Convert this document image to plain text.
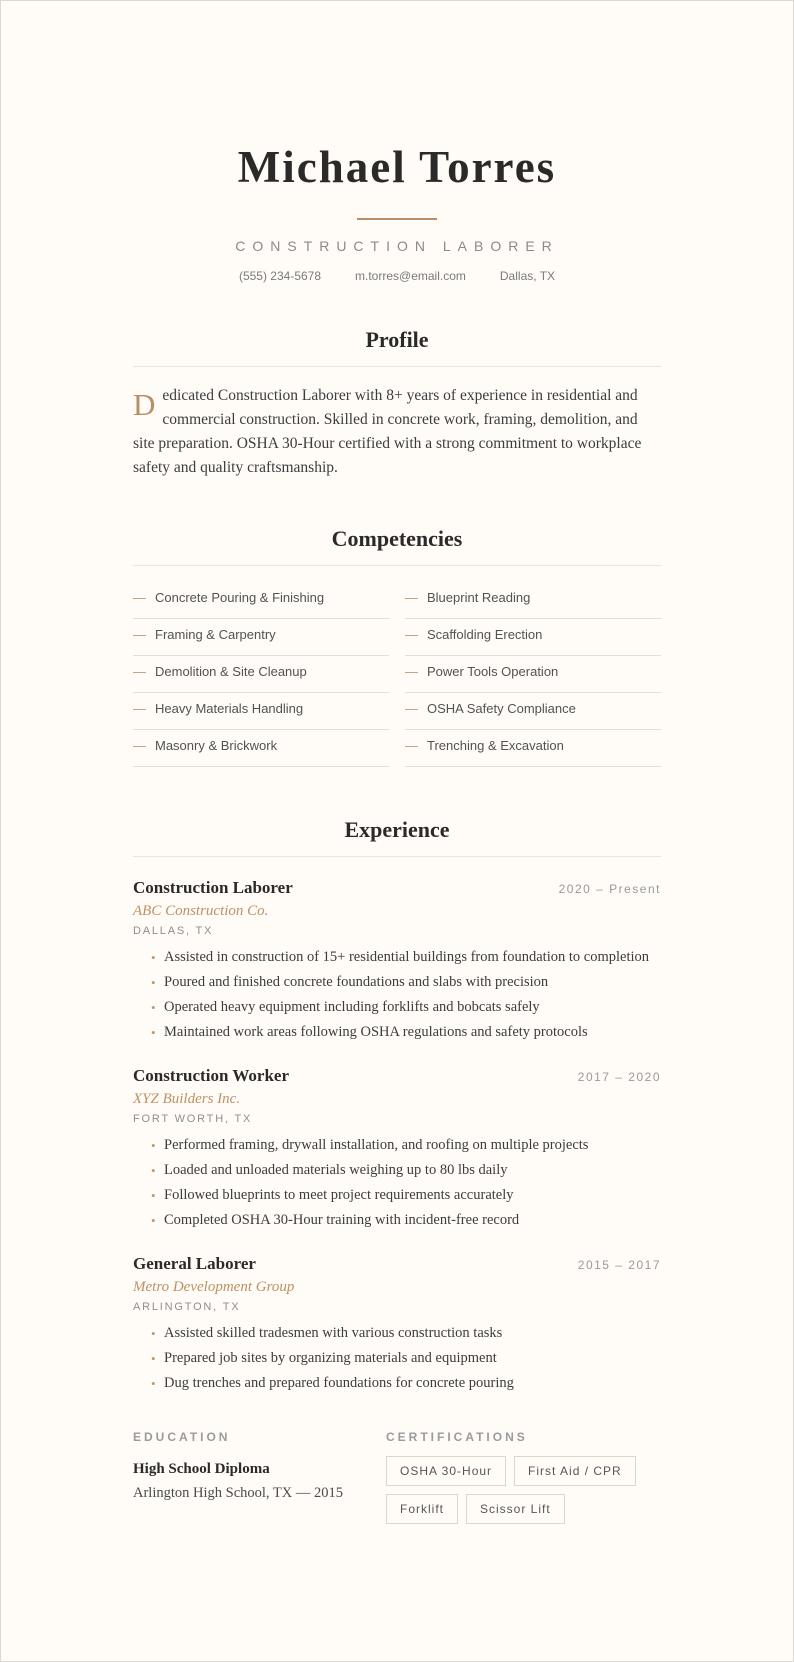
Michael Torres
CONSTRUCTION LABORER
(555) 234-5678	m.torres@email.com	Dallas, TX
Profile

Dedicated Construction Laborer with 8+ years of experience in residential and commercial construction. Skilled in concrete work, framing, demolition, and site preparation. OSHA 30-Hour certified with a strong commitment to workplace safety and quality craftsmanship.

Competencies
— Concrete Pouring & Finishing
— Framing & Carpentry
— Demolition & Site Cleanup
— Heavy Materials Handling
— Masonry & Brickwork
— Blueprint Reading
— Scaffolding Erection
— Power Tools Operation
— OSHA Safety Compliance
— Trenching & Excavation
Experience
Construction Laborer	2020 – Present
ABC Construction Co.
DALLAS, TX
• Assisted in construction of 15+ residential buildings from foundation to completion
• Poured and finished concrete foundations and slabs with precision
• Operated heavy equipment including forklifts and bobcats safely
• Maintained work areas following OSHA regulations and safety protocols
Construction Worker	2017 – 2020
XYZ Builders Inc.
FORT WORTH, TX
• Performed framing, drywall installation, and roofing on multiple projects
• Loaded and unloaded materials weighing up to 80 lbs daily
• Followed blueprints to meet project requirements accurately
• Completed OSHA 30-Hour training with incident-free record
General Laborer	2015 – 2017
Metro Development Group
ARLINGTON, TX
• Assisted skilled tradesmen with various construction tasks
• Prepared job sites by organizing materials and equipment
• Dug trenches and prepared foundations for concrete pouring
EDUCATION
High School Diploma
Arlington High School, TX — 2015
CERTIFICATIONS
OSHA 30-Hour	First Aid / CPR
Forklift	Scissor Lift
